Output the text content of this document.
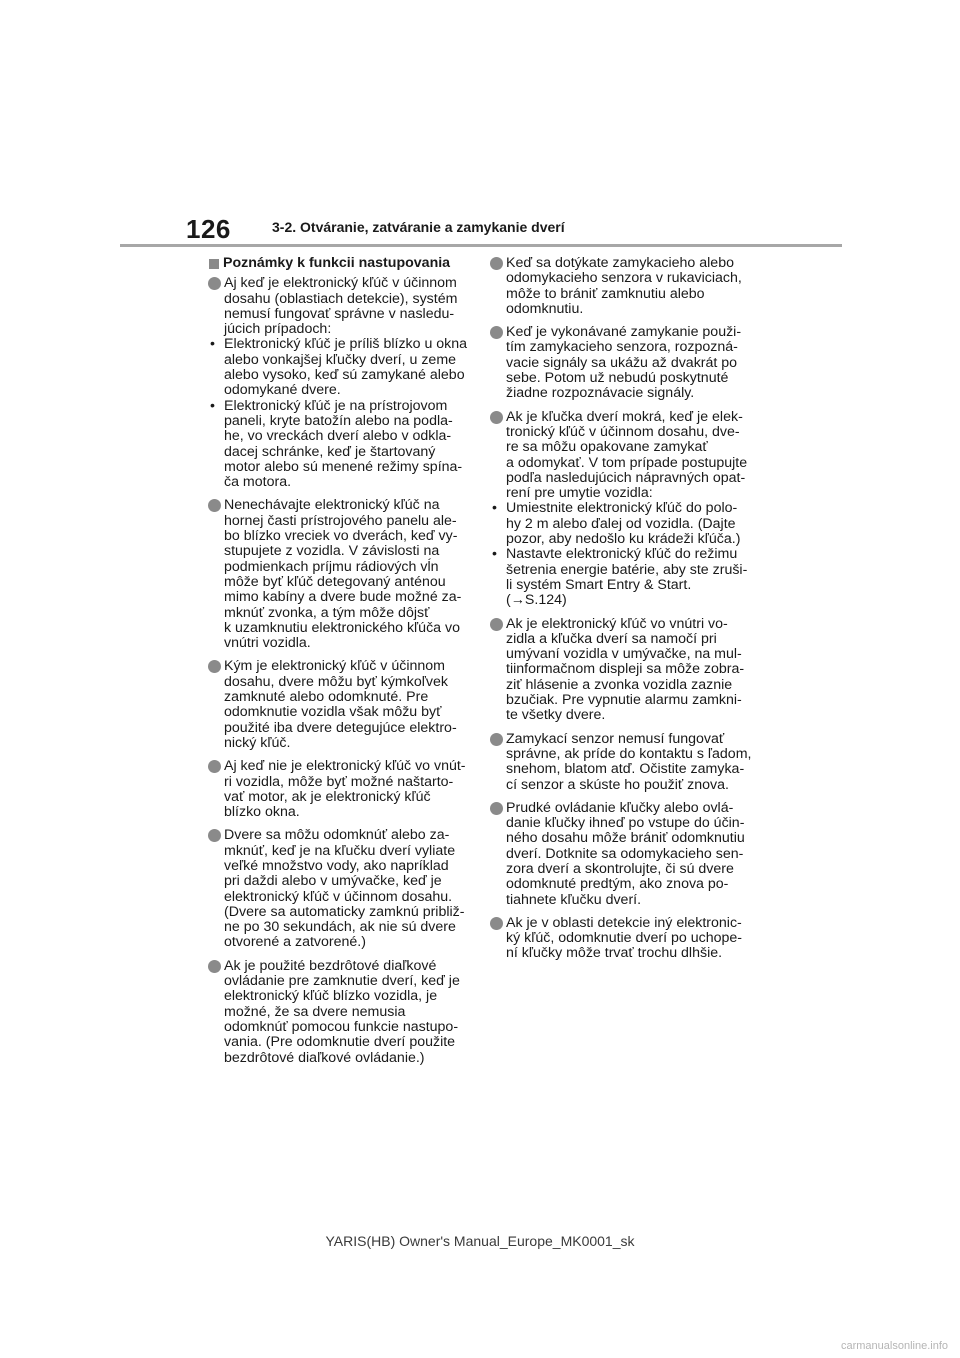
126	3-2. Otváranie, zatváranie a zamykanie dverí
Poznámky k funkcii nastupovania
Aj keď je elektronický kľúč v účinnom
dosahu (oblastiach detekcie), systém
nemusí fungovať správne v nasledu-
júcich prípadoch:
• Elektronický kľúč je príliš blízko u okna
alebo vonkajšej kľučky dverí, u zeme
alebo vysoko, keď sú zamykané alebo
odomykané dvere.
• Elektronický kľúč je na prístrojovom
paneli, kryte batožín alebo na podla-
he, vo vreckách dverí alebo v odkla-
dacej schránke, keď je štartovaný
motor alebo sú menené režimy spína-
ča motora.
Nenechávajte elektronický kľúč na
hornej časti prístrojového panelu ale-
bo blízko vreciek vo dverách, keď vy-
stupujete z vozidla. V závislosti na
podmienkach príjmu rádiových vĺn
môže byť kľúč detegovaný anténou
mimo kabíny a dvere bude možné za-
mknúť zvonka, a tým môže dôjsť
k uzamknutiu elektronického kľúča vo
vnútri vozidla.
Kým je elektronický kľúč v účinnom
dosahu, dvere môžu byť kýmkoľvek
zamknuté alebo odomknuté. Pre
odomknutie vozidla však môžu byť
použité iba dvere detegujúce elektro-
nický kľúč.
Aj keď nie je elektronický kľúč vo vnút-
ri vozidla, môže byť možné naštarto-
vať motor, ak je elektronický kľúč
blízko okna.
Dvere sa môžu odomknúť alebo za-
mknúť, keď je na kľučku dverí vyliate
veľké množstvo vody, ako napríklad
pri daždi alebo v umývačke, keď je
elektronický kľúč v účinnom dosahu.
(Dvere sa automaticky zamknú približ-
ne po 30 sekundách, ak nie sú dvere
otvorené a zatvorené.)
Ak je použité bezdrôtové diaľkové
ovládanie pre zamknutie dverí, keď je
elektronický kľúč blízko vozidla, je
možné, že sa dvere nemusia
odomknúť pomocou funkcie nastupo-
vania. (Pre odomknutie dverí použite
bezdrôtové diaľkové ovládanie.)
Keď sa dotýkate zamykacieho alebo
odomykacieho senzora v rukaviciach,
môže to brániť zamknutiu alebo
odomknutiu.
Keď je vykonávané zamykanie použi-
tím zamykacieho senzora, rozpozná-
vacie signály sa ukážu až dvakrát po
sebe. Potom už nebudú poskytnuté
žiadne rozpoznávacie signály.
Ak je kľučka dverí mokrá, keď je elek-
tronický kľúč v účinnom dosahu, dve-
re sa môžu opakovane zamykať
a odomykať. V tom prípade postupujte
podľa nasledujúcich nápravných opat-
rení pre umytie vozidla:
• Umiestnite elektronický kľúč do polo-
hy 2 m alebo ďalej od vozidla. (Dajte
pozor, aby nedošlo ku krádeži kľúča.)
• Nastavte elektronický kľúč do režimu
šetrenia energie batérie, aby ste zruši-
li systém Smart Entry & Start.
(→S.124)
Ak je elektronický kľúč vo vnútri vo-
zidla a kľučka dverí sa namočí pri
umývaní vozidla v umývačke, na mul-
tiinformačnom displeji sa môže zobra-
ziť hlásenie a zvonka vozidla zaznie
bzučiak. Pre vypnutie alarmu zamkni-
te všetky dvere.
Zamykací senzor nemusí fungovať
správne, ak príde do kontaktu s ľadom,
snehom, blatom atď. Očistite zamyka-
cí senzor a skúste ho použiť znova.
Prudké ovládanie kľučky alebo ovlá-
danie kľučky ihneď po vstupe do účin-
ného dosahu môže brániť odomknutiu
dverí. Dotknite sa odomykacieho sen-
zora dverí a skontrolujte, či sú dvere
odomknuté predtým, ako znova po-
tiahnete kľučku dverí.
Ak je v oblasti detekcie iný elektronic-
ký kľúč, odomknutie dverí po uchope-
ní kľučky môže trvať trochu dlhšie.
YARIS(HB) Owner's Manual_Europe_MK0001_sk
carmanualsonline.info
